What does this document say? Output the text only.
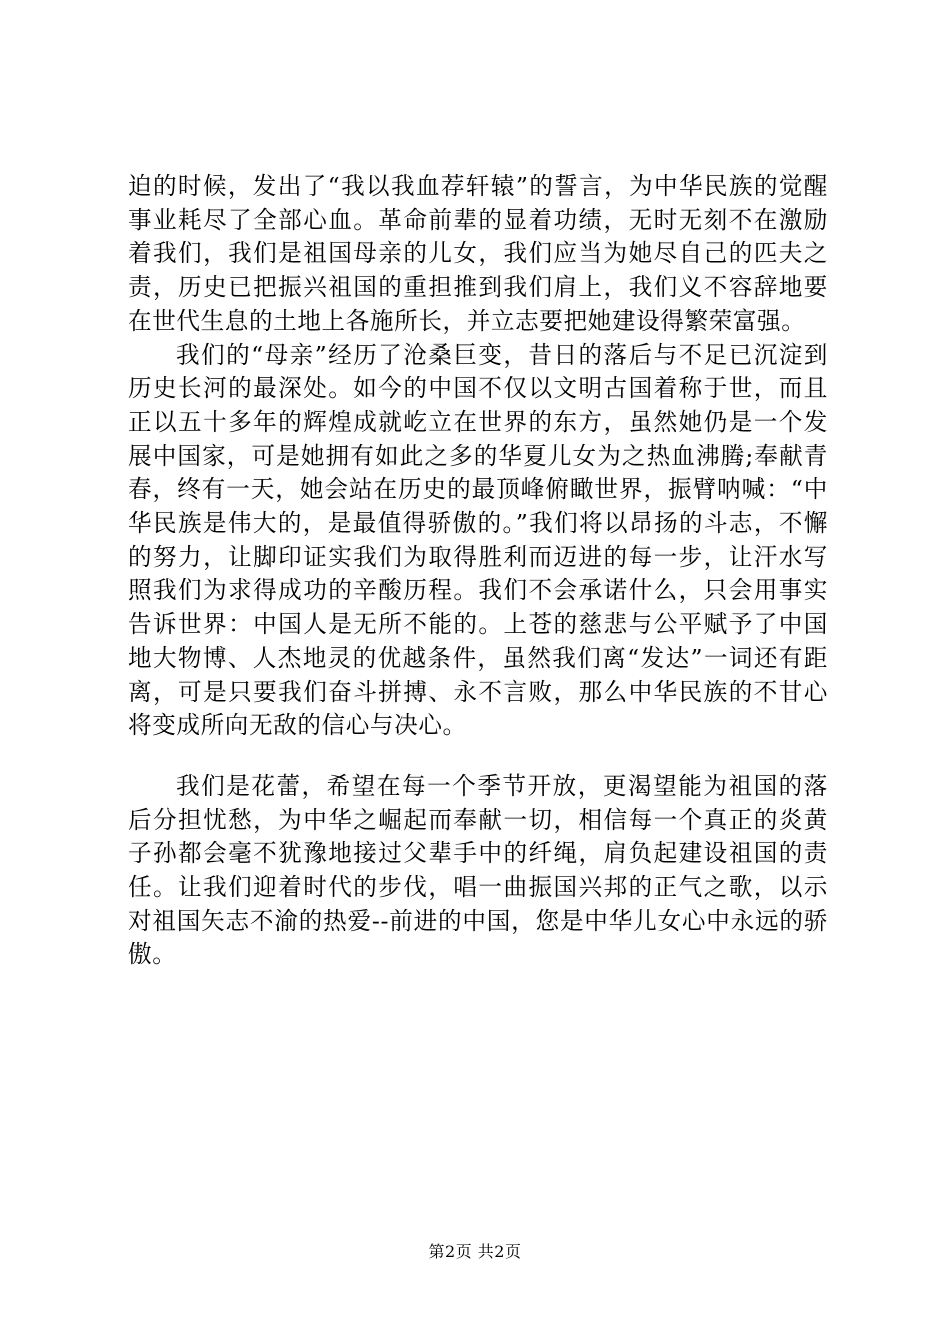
迫的时候，发出了“我以我血荐轩辕”的誓言，为中华民族的觉醒事业耗尽了全部心血。革命前辈的显着功绩，无时无刻不在激励着我们，我们是祖国母亲的儿女，我们应当为她尽自己的匹夫之责，历史已把振兴祖国的重担推到我们肩上，我们义不容辞地要在世代生息的土地上各施所长，并立志要把她建设得繁荣富强。

我们的“母亲”经历了沧桑巨变，昔日的落后与不足已沉淀到历史长河的最深处。如今的中国不仅以文明古国着称于世，而且正以五十多年的辉煌成就屹立在世界的东方，虽然她仍是一个发展中国家，可是她拥有如此之多的华夏儿女为之热血沸腾;奉献青春，终有一天，她会站在历史的最顶峰俯瞰世界，振臂呐喊：“中华民族是伟大的，是最值得骄傲的。”我们将以昂扬的斗志，不懈的努力，让脚印证实我们为取得胜利而迈进的每一步，让汗水写照我们为求得成功的辛酸历程。我们不会承诺什么，只会用事实告诉世界：中国人是无所不能的。上苍的慈悲与公平赋予了中国地大物博、人杰地灵的优越条件，虽然我们离“发达”一词还有距离，可是只要我们奋斗拼搏、永不言败，那么中华民族的不甘心将变成所向无敌的信心与决心。

我们是花蕾，希望在每一个季节开放，更渴望能为祖国的落后分担忧愁，为中华之崛起而奉献一切，相信每一个真正的炎黄子孙都会毫不犹豫地接过父辈手中的纤绳，肩负起建设祖国的责任。让我们迎着时代的步伐，唱一曲振国兴邦的正气之歌，以示对祖国矢志不渝的热爱--前进的中国，您是中华儿女心中永远的骄傲。

第2页 共2页
